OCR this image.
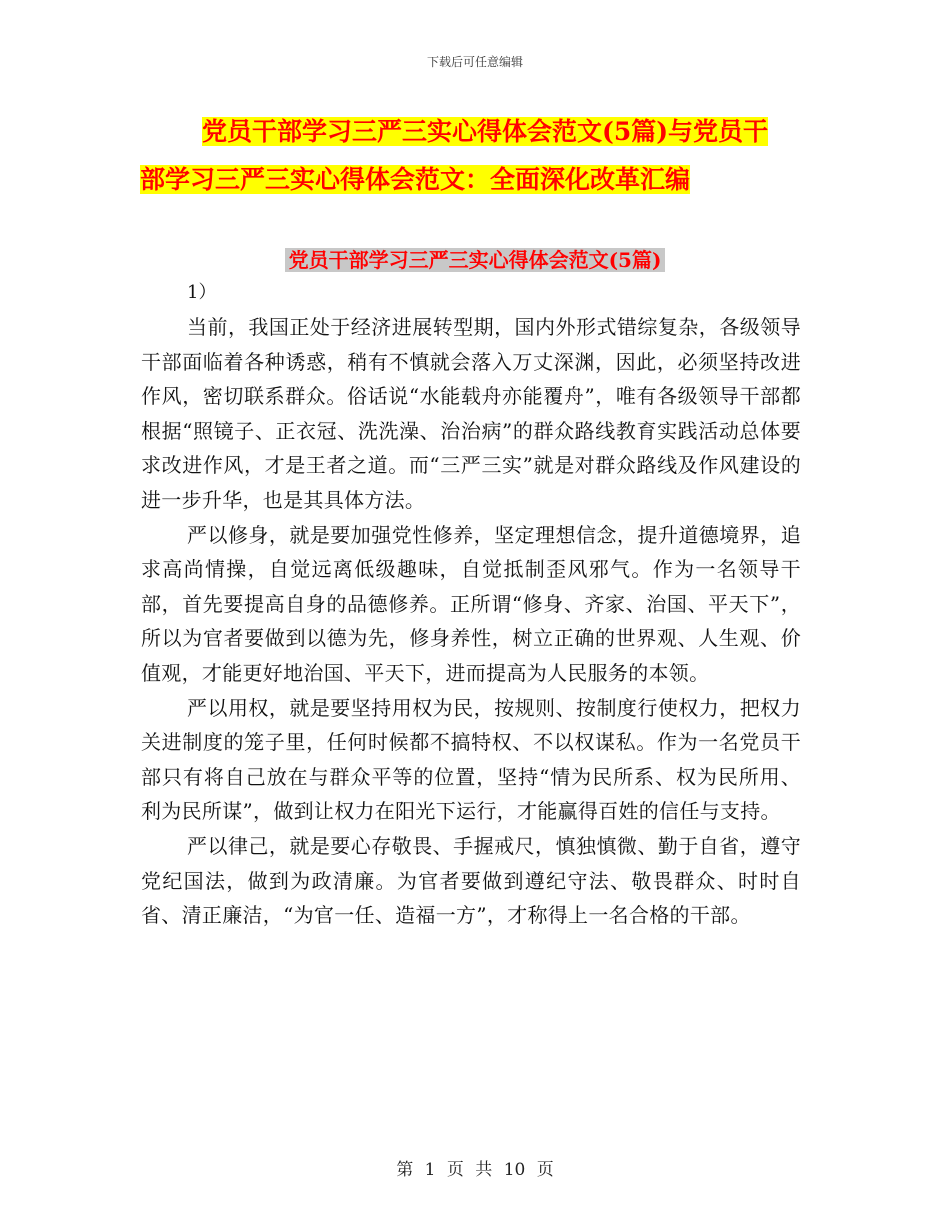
下载后可任意编辑
党员干部学习三严三实心得体会范文(5篇)与党员干
部学习三严三实心得体会范文：全面深化改革汇编
党员干部学习三严三实心得体会范文(5篇)
1）

当前，我国正处于经济进展转型期，国内外形式错综复杂，各级领导干部面临着各种诱惑，稍有不慎就会落入万丈深渊，因此，必须坚持改进作风，密切联系群众。俗话说“水能载舟亦能覆舟”，唯有各级领导干部都根据“照镜子、正衣冠、洗洗澡、治治病”的群众路线教育实践活动总体要求改进作风，才是王者之道。而“三严三实”就是对群众路线及作风建设的进一步升华，也是其具体方法。

严以修身，就是要加强党性修养，坚定理想信念，提升道德境界，追求高尚情操，自觉远离低级趣味，自觉抵制歪风邪气。作为一名领导干部，首先要提高自身的品德修养。正所谓“修身、齐家、治国、平天下”，所以为官者要做到以德为先，修身养性，树立正确的世界观、人生观、价值观，才能更好地治国、平天下，进而提高为人民服务的本领。

严以用权，就是要坚持用权为民，按规则、按制度行使权力，把权力关进制度的笼子里，任何时候都不搞特权、不以权谋私。作为一名党员干部只有将自己放在与群众平等的位置，坚持“情为民所系、权为民所用、利为民所谋”，做到让权力在阳光下运行，才能赢得百姓的信任与支持。

严以律己，就是要心存敬畏、手握戒尺，慎独慎微、勤于自省，遵守党纪国法，做到为政清廉。为官者要做到遵纪守法、敬畏群众、时时自省、清正廉洁，“为官一任、造福一方”，才称得上一名合格的干部。

第 1 页 共 10 页
